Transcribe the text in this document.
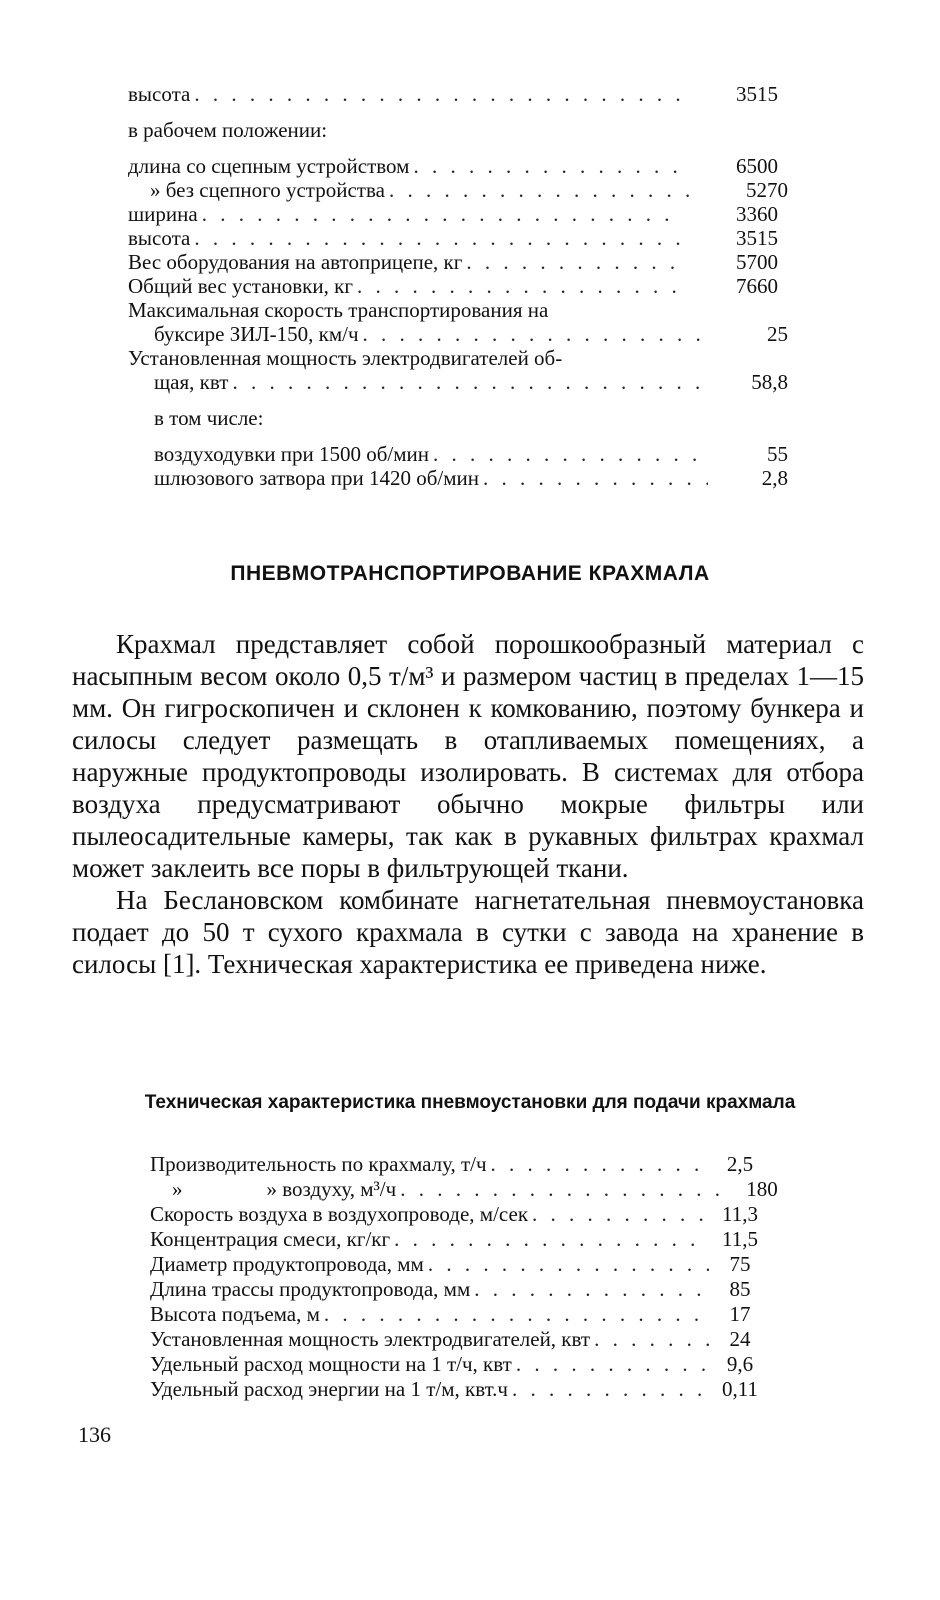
высота . . .	3515
в рабочем положении:
длина со сцепным устройством . . .	6500
» без сцепного устройства . . .	5270
ширина . . .	3360
высота . . .	3515
Вес оборудования на автоприцепе, кг . . .	5700
Общий вес установки, кг . . .	7660
Максимальная скорость транспортирования на
буксире ЗИЛ-150, км/ч . . .	25
Установленная мощность электродвигателей об-
щая, квт . . .	58,8
в том числе:
воздуходувки при 1500 об/мин . . .	55
шлюзового затвора при 1420 об/мин . . .	2,8
ПНЕВМОТРАНСПОРТИРОВАНИЕ КРАХМАЛА

Крахмал представляет собой порошкообразный материал с насыпным весом около 0,5 т/м³ и размером частиц в пределах 1—15 мм. Он гигроскопичен и склонен к комкованию, поэтому бункера и силосы следует размещать в отапливаемых помещениях, а наружные продуктопроводы изолировать. В системах для отбора воздуха предусматривают обычно мокрые фильтры или пылеосадительные камеры, так как в рукавных фильтрах крахмал может заклеить все поры в фильтрующей ткани.

На Беслановском комбинате нагнетательная пневмоустановка подает до 50 т сухого крахмала в сутки с завода на хранение в силосы [1]. Техническая характеристика ее приведена ниже.

Техническая характеристика пневмоустановки для подачи крахмала
Производительность по крахмалу, т/ч . . .	2,5
»                » воздуху, м³/ч . . .	180
Скорость воздуха в воздухопроводе, м/сек . . .	11,3
Концентрация смеси, кг/кг . . .	11,5
Диаметр продуктопровода, мм . . .	75
Длина трассы продуктопровода, мм . . .	85
Высота подъема, м . . .	17
Установленная мощность электродвигателей, квт . . .	24
Удельный расход мощности на 1 т/ч, квт . . .	9,6
Удельный расход энергии на 1 т/м, квт.ч . . .	0,11
136
